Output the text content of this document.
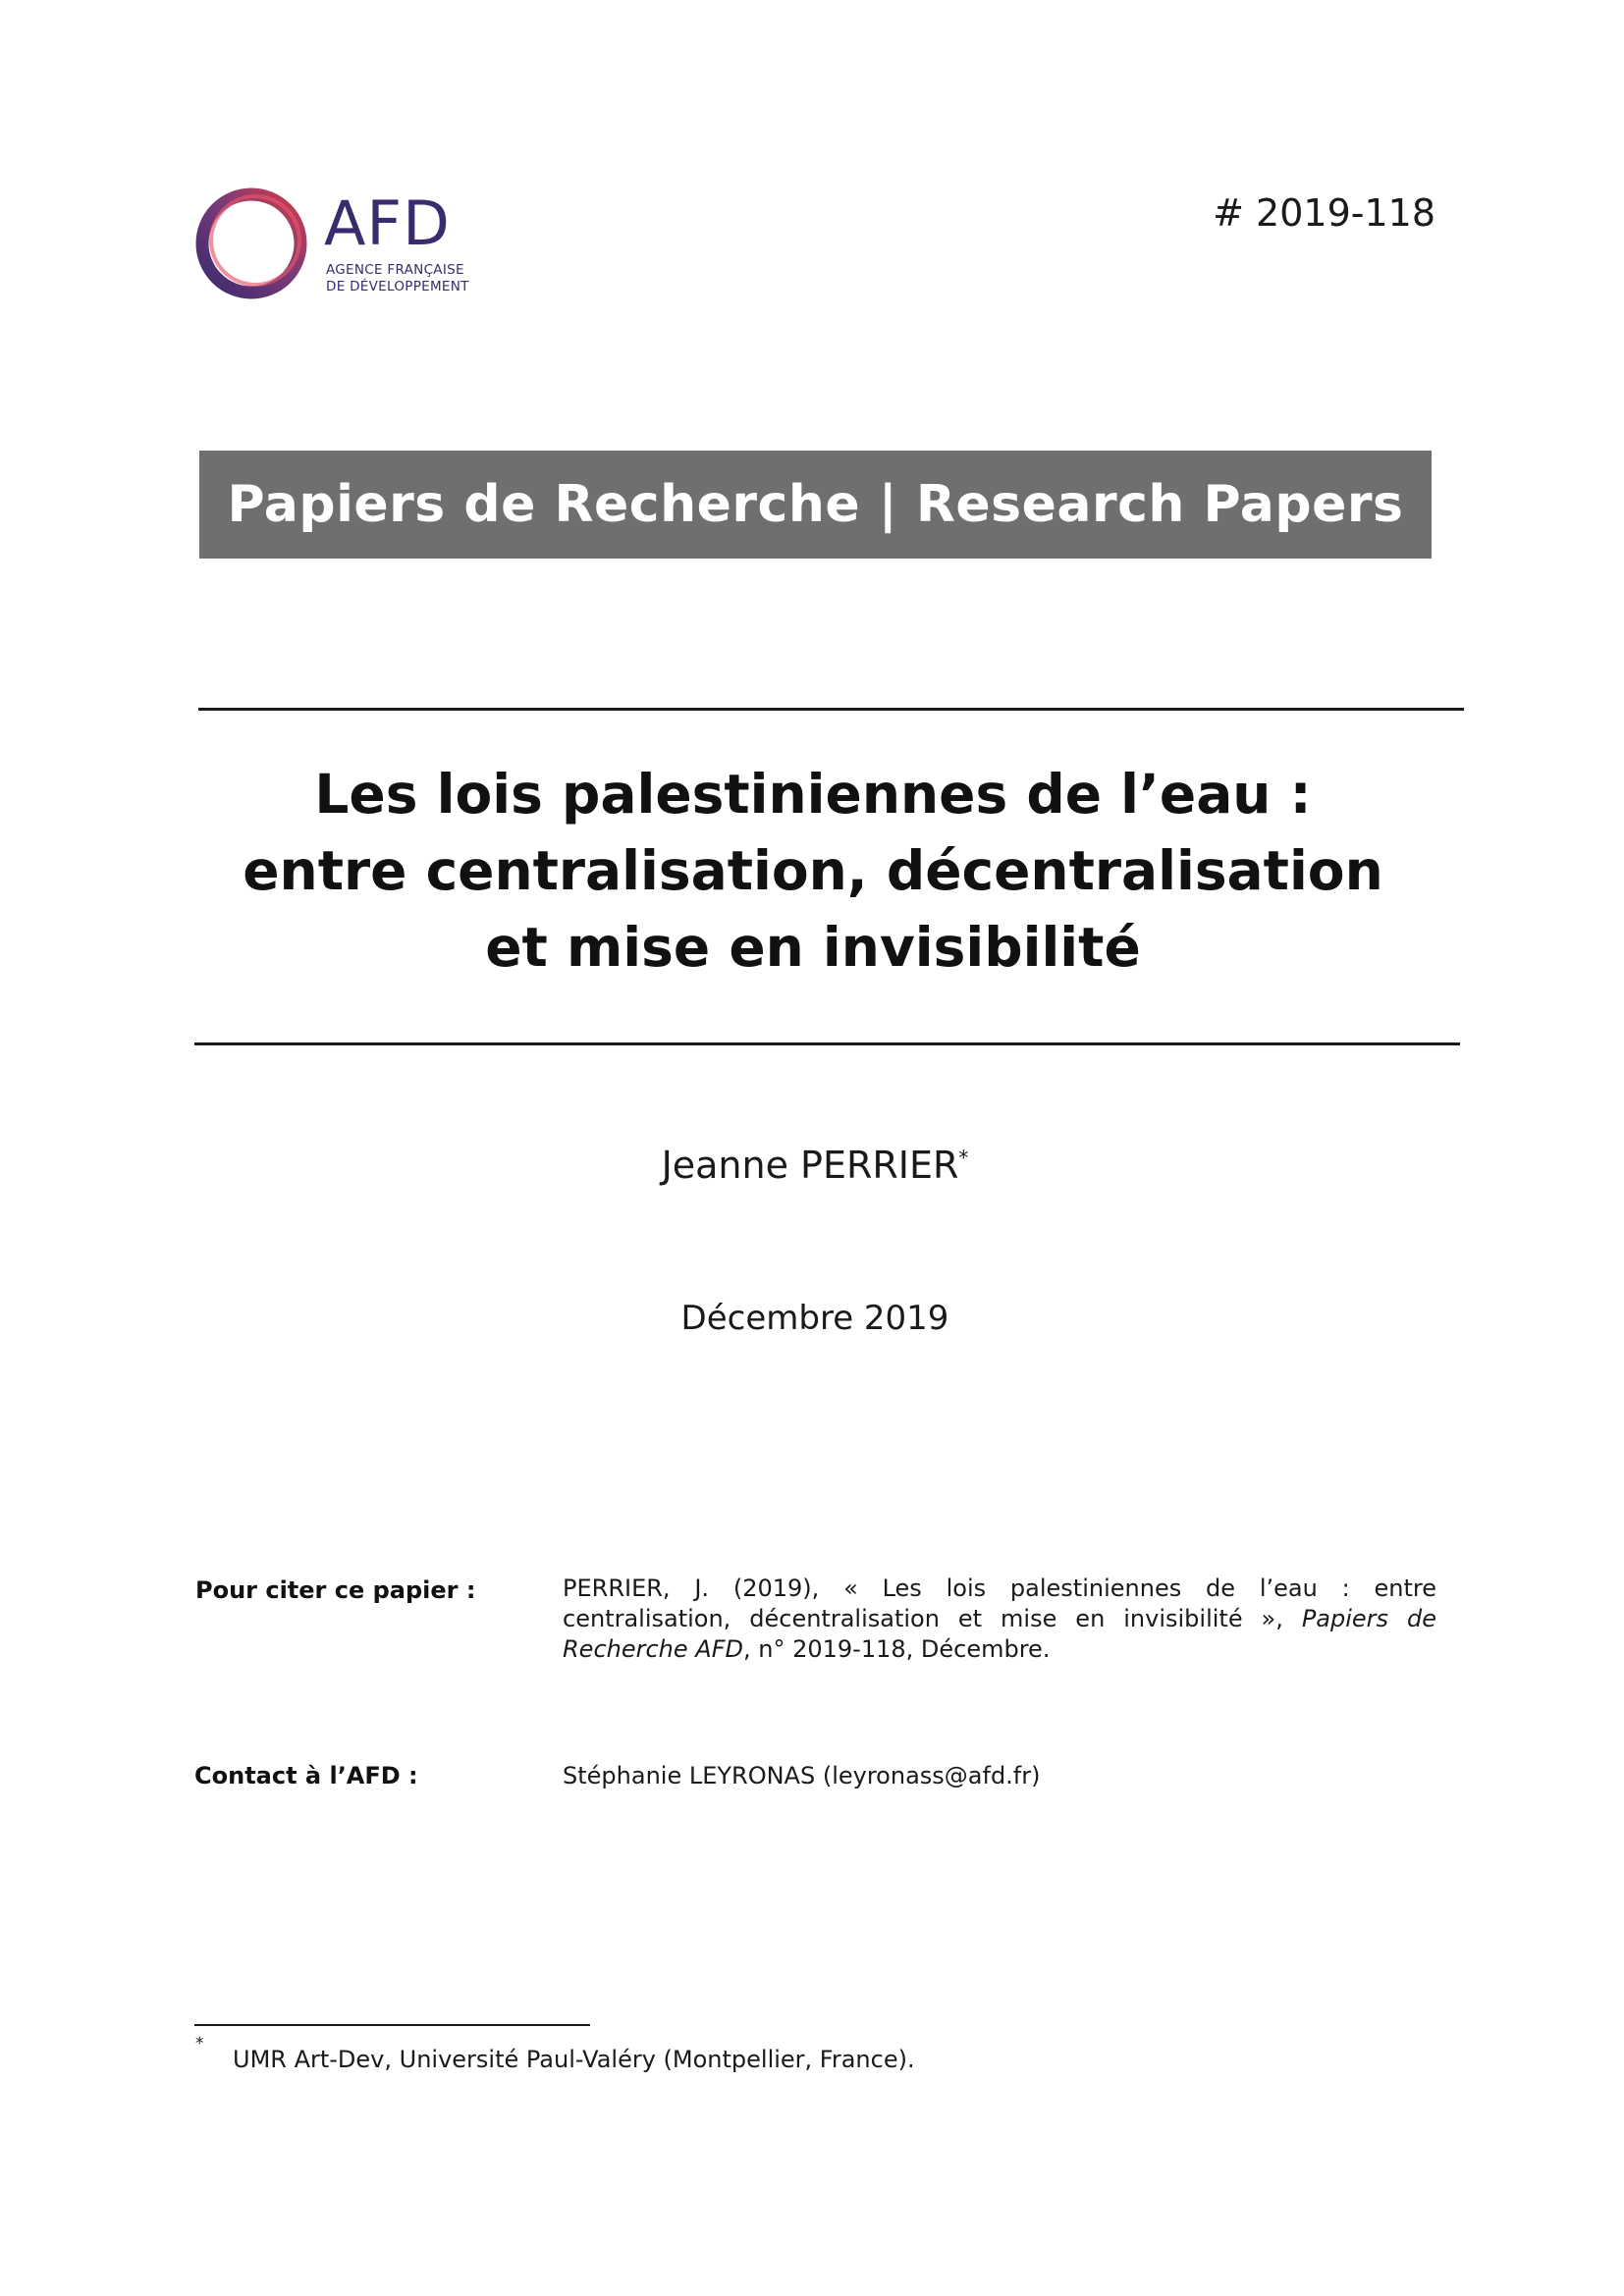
AFD
AGENCE FRANÇAISE
DE DÉVELOPPEMENT
# 2019-118
Papiers de Recherche | Research Papers
Les lois palestiniennes de l’eau :
entre centralisation, décentralisation
et mise en invisibilité
Jeanne PERRIER*
Décembre 2019
Pour citer ce papier :	PERRIER, J. (2019), « Les lois palestiniennes de l’eau : entre centralisation, décentralisation et mise en invisibilité », Papiers de Recherche AFD, n° 2019-118, Décembre.
Contact à l’AFD :	Stéphanie LEYRONAS (leyronass@afd.fr)
*
UMR Art-Dev, Université Paul-Valéry (Montpellier, France).
